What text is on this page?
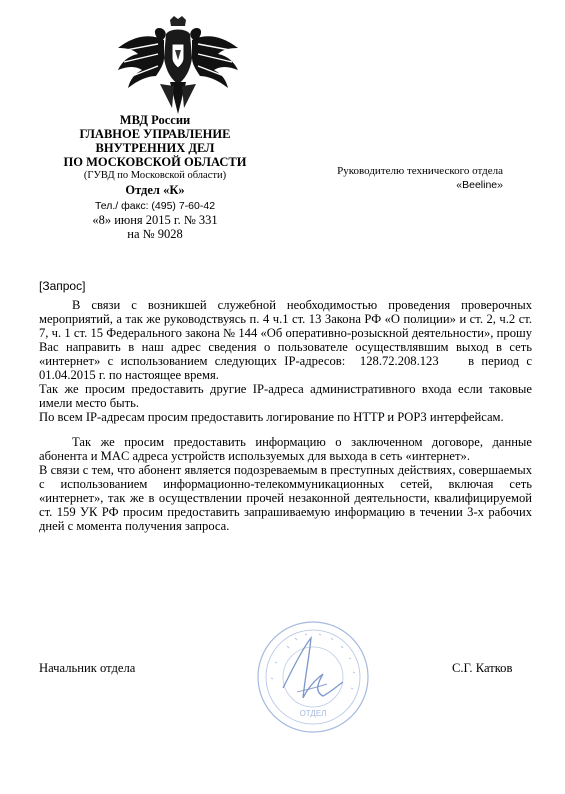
МВД России
ГЛАВНОЕ УПРАВЛЕНИЕ
ВНУТРЕННИХ ДЕЛ
ПО МОСКОВСКОЙ ОБЛАСТИ
(ГУВД по Московской области)
Отдел «К»
Тел./ факс: (495) 7-60-42
«8» июня 2015 г. № 331
на № 9028
Руководителю технического отдела
«Beeline»

[Запрос]

В связи с возникшей служебной необходимостью проведения проверочных мероприятий, а так же руководствуясь п. 4 ч.1 ст. 13 Закона РФ «О полиции» и ст. 2, ч.2 ст. 7, ч. 1 ст. 15 Федерального закона № 144 «Об оперативно-розыскной деятельности», прошу Вас направить в наш адрес сведения о пользователе осуществлявшим выход в сеть «интернет» с использованием следующих IP-адресов: 128.72.208.123 в период с 01.04.2015 г. по настоящее время.

Так же просим предоставить другие IP-адреса административного входа если таковые имели место быть.

По всем IP-адресам просим предоставить логирование по HTTP и POP3 интерфейсам.

Так же просим предоставить информацию о заключенном договоре, данные абонента и MAC адреса устройств используемых для выхода в сеть «интернет».

В связи с тем, что абонент является подозреваемым в преступных действиях, совершаемых с использованием информационно-телекоммуникационных сетей, включая сеть «интернет», так же в осуществлении прочей незаконной деятельности, квалифицируемой ст. 159 УК РФ просим предоставить запрашиваемую информацию в течении 3-х рабочих дней с момента получения запроса.

ОТДЕЛ
Начальник отдела	С.Г. Катков
